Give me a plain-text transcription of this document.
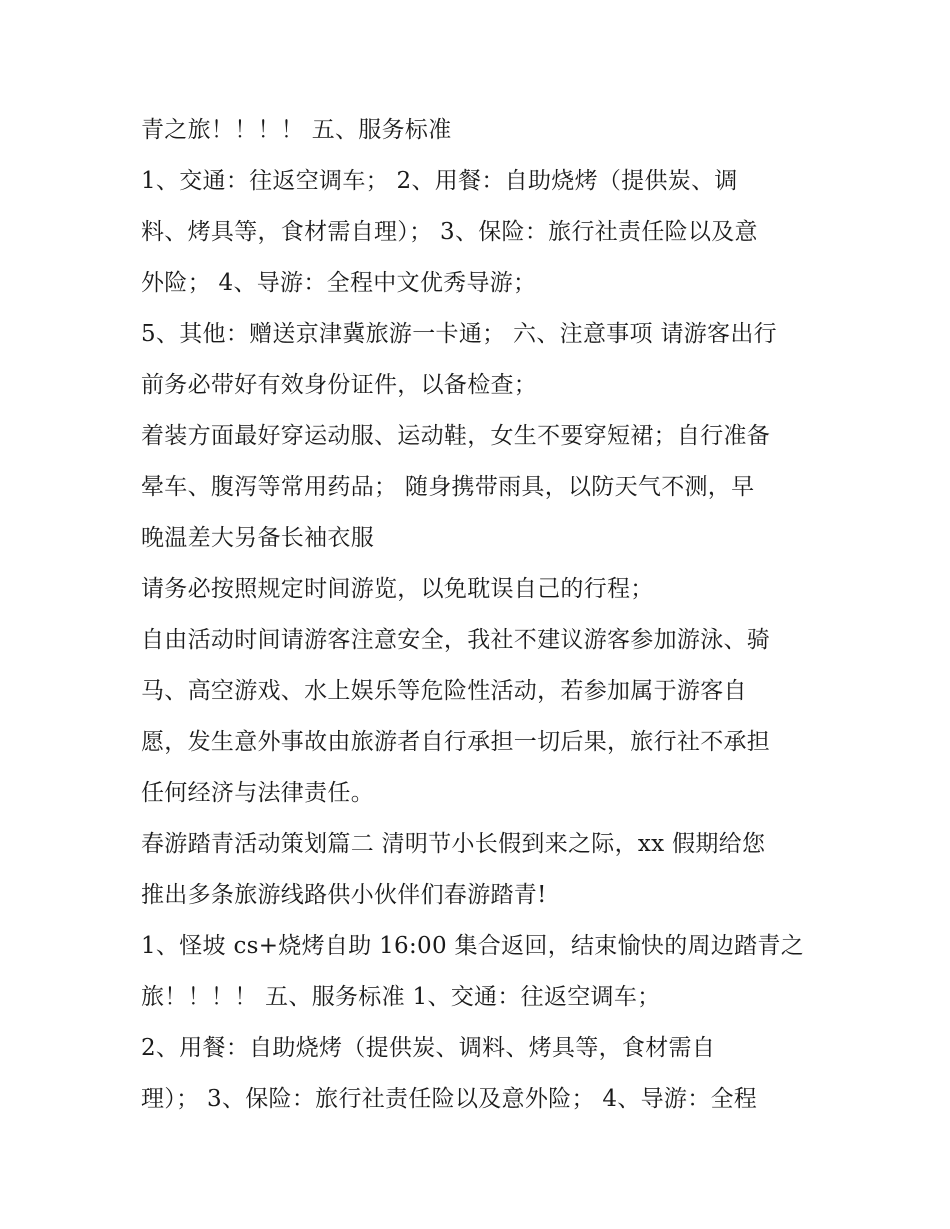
青之旅！！！！ 五、服务标准
1、交通：往返空调车； 2、用餐：自助烧烤（提供炭、调
料、烤具等，食材需自理）； 3、保险：旅行社责任险以及意
外险； 4、导游：全程中文优秀导游；
5、其他：赠送京津冀旅游一卡通； 六、注意事项 请游客出行
前务必带好有效身份证件，以备检查；
着装方面最好穿运动服、运动鞋，女生不要穿短裙；自行准备
晕车、腹泻等常用药品； 随身携带雨具，以防天气不测，早
晚温差大另备长袖衣服
请务必按照规定时间游览，以免耽误自己的行程；
自由活动时间请游客注意安全，我社不建议游客参加游泳、骑
马、高空游戏、水上娱乐等危险性活动，若参加属于游客自
愿，发生意外事故由旅游者自行承担一切后果，旅行社不承担
任何经济与法律责任。
春游踏青活动策划篇二 清明节小长假到来之际，xx 假期给您
推出多条旅游线路供小伙伴们春游踏青!
1、怪坡 cs+烧烤自助 16:00 集合返回，结束愉快的周边踏青之
旅！！！！ 五、服务标准 1、交通：往返空调车；
2、用餐：自助烧烤（提供炭、调料、烤具等，食材需自
理）； 3、保险：旅行社责任险以及意外险； 4、导游：全程
